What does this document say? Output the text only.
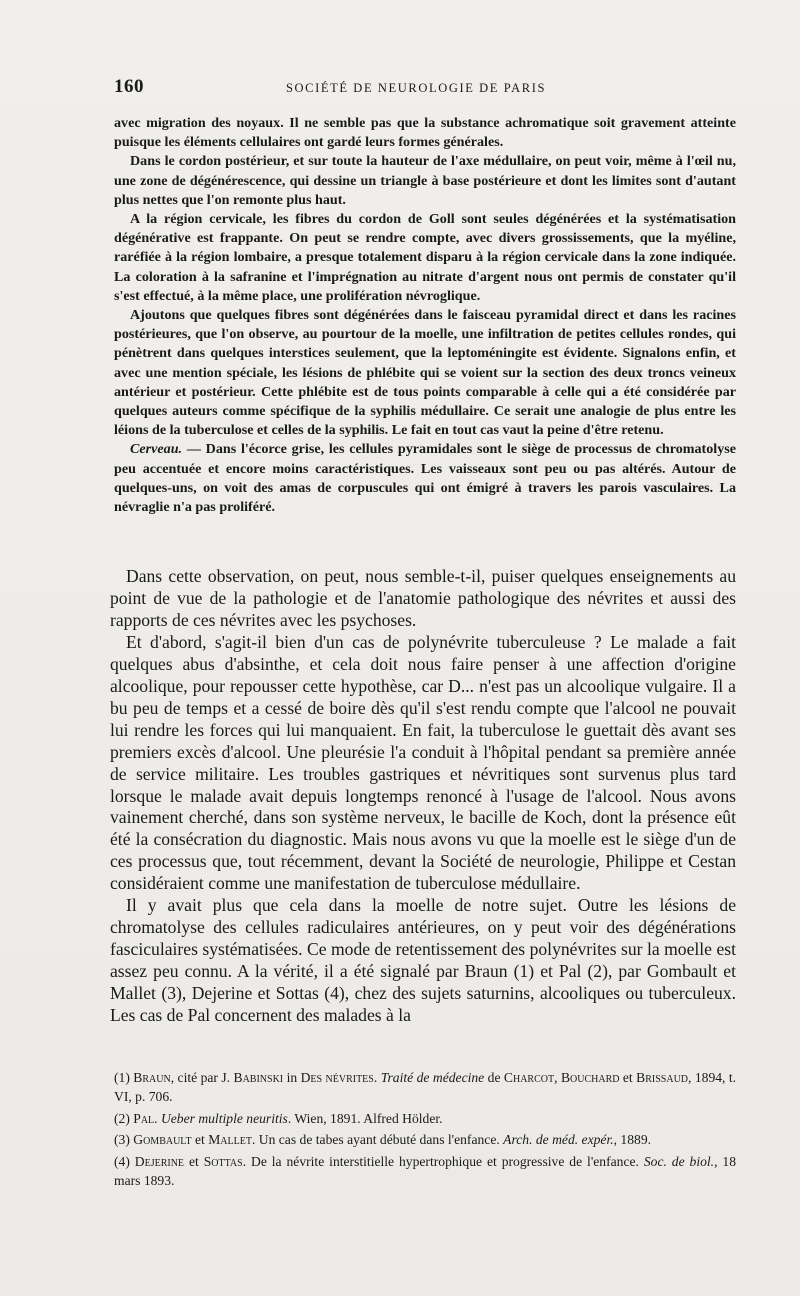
160	SOCIÉTÉ DE NEUROLOGIE DE PARIS

avec migration des noyaux. Il ne semble pas que la substance achromatique soit gravement atteinte puisque les éléments cellulaires ont gardé leurs formes générales.

Dans le cordon postérieur, et sur toute la hauteur de l'axe médullaire, on peut voir, même à l'œil nu, une zone de dégénérescence, qui dessine un triangle à base postérieure et dont les limites sont d'autant plus nettes que l'on remonte plus haut.

A la région cervicale, les fibres du cordon de Goll sont seules dégénérées et la systématisation dégénérative est frappante. On peut se rendre compte, avec divers grossissements, que la myéline, raréfiée à la région lombaire, a presque totalement disparu à la région cervicale dans la zone indiquée. La coloration à la safranine et l'imprégnation au nitrate d'argent nous ont permis de constater qu'il s'est effectué, à la même place, une prolifération névroglique.

Ajoutons que quelques fibres sont dégénérées dans le faisceau pyramidal direct et dans les racines postérieures, que l'on observe, au pourtour de la moelle, une infiltration de petites cellules rondes, qui pénètrent dans quelques interstices seulement, que la leptoméningite est évidente. Signalons enfin, et avec une mention spéciale, les lésions de phlébite qui se voient sur la section des deux troncs veineux antérieur et postérieur. Cette phlébite est de tous points comparable à celle qui a été considérée par quelques auteurs comme spécifique de la syphilis médullaire. Ce serait une analogie de plus entre les léions de la tuberculose et celles de la syphilis. Le fait en tout cas vaut la peine d'être retenu.

Cerveau. — Dans l'écorce grise, les cellules pyramidales sont le siège de processus de chromatolyse peu accentuée et encore moins caractéristiques. Les vaisseaux sont peu ou pas altérés. Autour de quelques-uns, on voit des amas de corpuscules qui ont émigré à travers les parois vasculaires. La névraglie n'a pas proliféré.

Dans cette observation, on peut, nous semble-t-il, puiser quelques enseignements au point de vue de la pathologie et de l'anatomie pathologique des névrites et aussi des rapports de ces névrites avec les psychoses.

Et d'abord, s'agit-il bien d'un cas de polynévrite tuberculeuse ? Le malade a fait quelques abus d'absinthe, et cela doit nous faire penser à une affection d'origine alcoolique, pour repousser cette hypothèse, car D... n'est pas un alcoolique vulgaire. Il a bu peu de temps et a cessé de boire dès qu'il s'est rendu compte que l'alcool ne pouvait lui rendre les forces qui lui manquaient. En fait, la tuberculose le guettait dès avant ses premiers excès d'alcool. Une pleurésie l'a conduit à l'hôpital pendant sa première année de service militaire. Les troubles gastriques et névritiques sont survenus plus tard lorsque le malade avait depuis longtemps renoncé à l'usage de l'alcool. Nous avons vainement cherché, dans son système nerveux, le bacille de Koch, dont la présence eût été la consécration du diagnostic. Mais nous avons vu que la moelle est le siège d'un de ces processus que, tout récemment, devant la Société de neurologie, Philippe et Cestan considéraient comme une manifestation de tuberculose médullaire.

Il y avait plus que cela dans la moelle de notre sujet. Outre les lésions de chromatolyse des cellules radiculaires antérieures, on y peut voir des dégénérations fasciculaires systématisées. Ce mode de retentissement des polynévrites sur la moelle est assez peu connu. A la vérité, il a été signalé par Braun (1) et Pal (2), par Gombault et Mallet (3), Dejerine et Sottas (4), chez des sujets saturnins, alcooliques ou tuberculeux. Les cas de Pal concernent des malades à la

(1) Braun, cité par J. Babinski in Des névrites. Traité de médecine de Charcot, Bouchard et Brissaud, 1894, t. VI, p. 706.

(2) Pal. Ueber multiple neuritis. Wien, 1891. Alfred Hölder.

(3) Gombault et Mallet. Un cas de tabes ayant débuté dans l'enfance. Arch. de méd. expér., 1889.

(4) Dejerine et Sottas. De la névrite interstitielle hypertrophique et progressive de l'enfance. Soc. de biol., 18 mars 1893.
